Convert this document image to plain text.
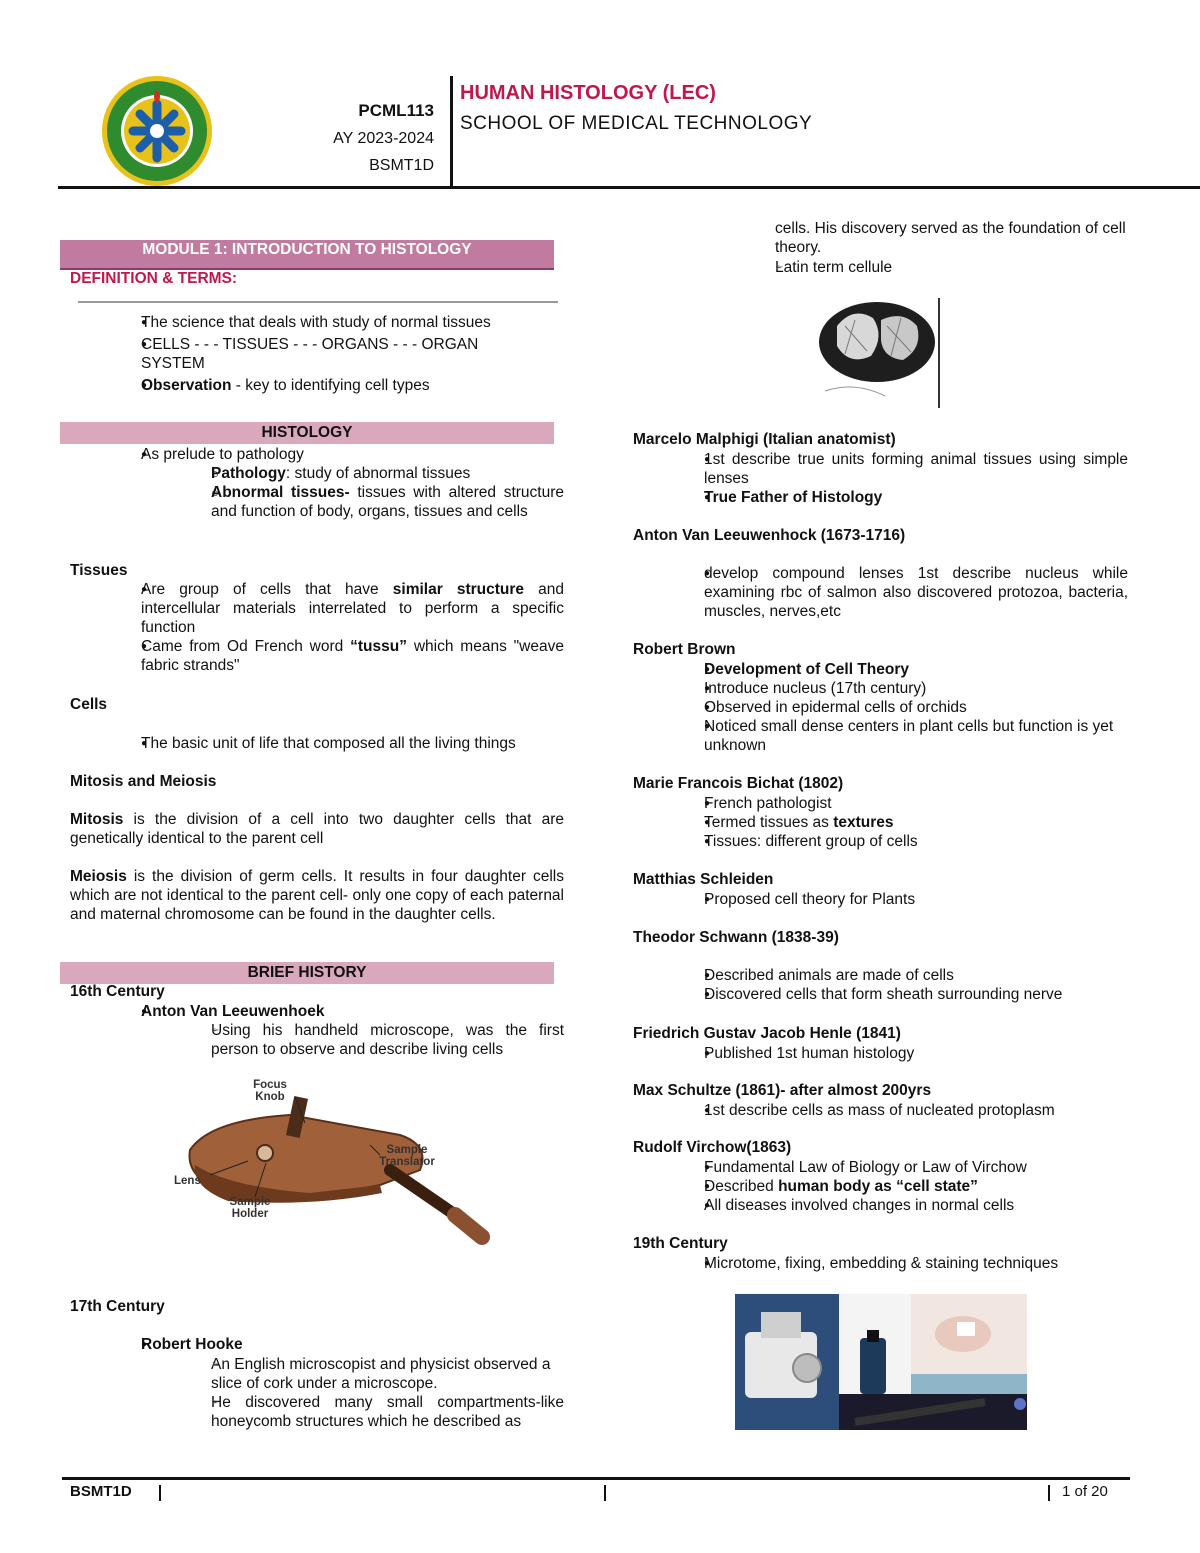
PCML113
AY 2023-2024
BSMT1D
HUMAN HISTOLOGY (LEC)
SCHOOL OF MEDICAL TECHNOLOGY
MODULE 1: INTRODUCTION TO HISTOLOGY
DEFINITION & TERMS:
● The science that deals with study of normal tissues
● CELLS - - - TISSUES - - - ORGANS - - - ORGAN SYSTEM
● Observation - key to identifying cell types
HISTOLOGY
● As prelude to pathology
○ Pathology: study of abnormal tissues
○ Abnormal tissues- tissues with altered structure and function of body, organs, tissues and cells
Tissues
● Are group of cells that have similar structure and intercellular materials interrelated to perform a specific function
● Came from Od French word “tussu” which means "weave fabric strands"
Cells
● The basic unit of life that composed all the living things
Mitosis and Meiosis
Mitosis is the division of a cell into two daughter cells that are genetically identical to the parent cell
Meiosis is the division of germ cells. It results in four daughter cells which are not identical to the parent cell- only one copy of each paternal and maternal chromosome can be found in the daughter cells.
BRIEF HISTORY
16th Century
● Anton Van Leeuwenhoek
➢ Using his handheld microscope, was the first person to observe and describe living cells
Focus Knob
Sample Translator
Lens
Sample Holder
17th Century
● Robert Hooke
➢ An English microscopist and physicist observed a slice of cork under a microscope.
➢ He discovered many small compartments-like honeycomb structures which he described as
cells. His discovery served as the foundation of cell theory.
➢ Latin term cellule
Marcelo Malphigi (Italian anatomist)
● 1st describe true units forming animal tissues using simple lenses
● True Father of Histology
Anton Van Leeuwenhock (1673-1716)
● develop compound lenses 1st describe nucleus while examining rbc of salmon also discovered protozoa, bacteria, muscles, nerves,etc
Robert Brown
● Development of Cell Theory
● Introduce nucleus (17th century)
● Observed in epidermal cells of orchids
● Noticed small dense centers in plant cells but function is yet unknown
Marie Francois Bichat (1802)
● French pathologist
● Termed tissues as textures
● Tissues: different group of cells
Matthias Schleiden
● Proposed cell theory for Plants
Theodor Schwann (1838-39)
● Described animals are made of cells
● Discovered cells that form sheath surrounding nerve
Friedrich Gustav Jacob Henle (1841)
● Published 1st human histology
Max Schultze (1861)- after almost 200yrs
● 1st describe cells as mass of nucleated protoplasm
Rudolf Virchow(1863)
● Fundamental Law of Biology or Law of Virchow
● Described human body as “cell state”
● All diseases involved changes in normal cells
19th Century
● Microtome, fixing, embedding & staining techniques
BSMT1D	1 of 20
